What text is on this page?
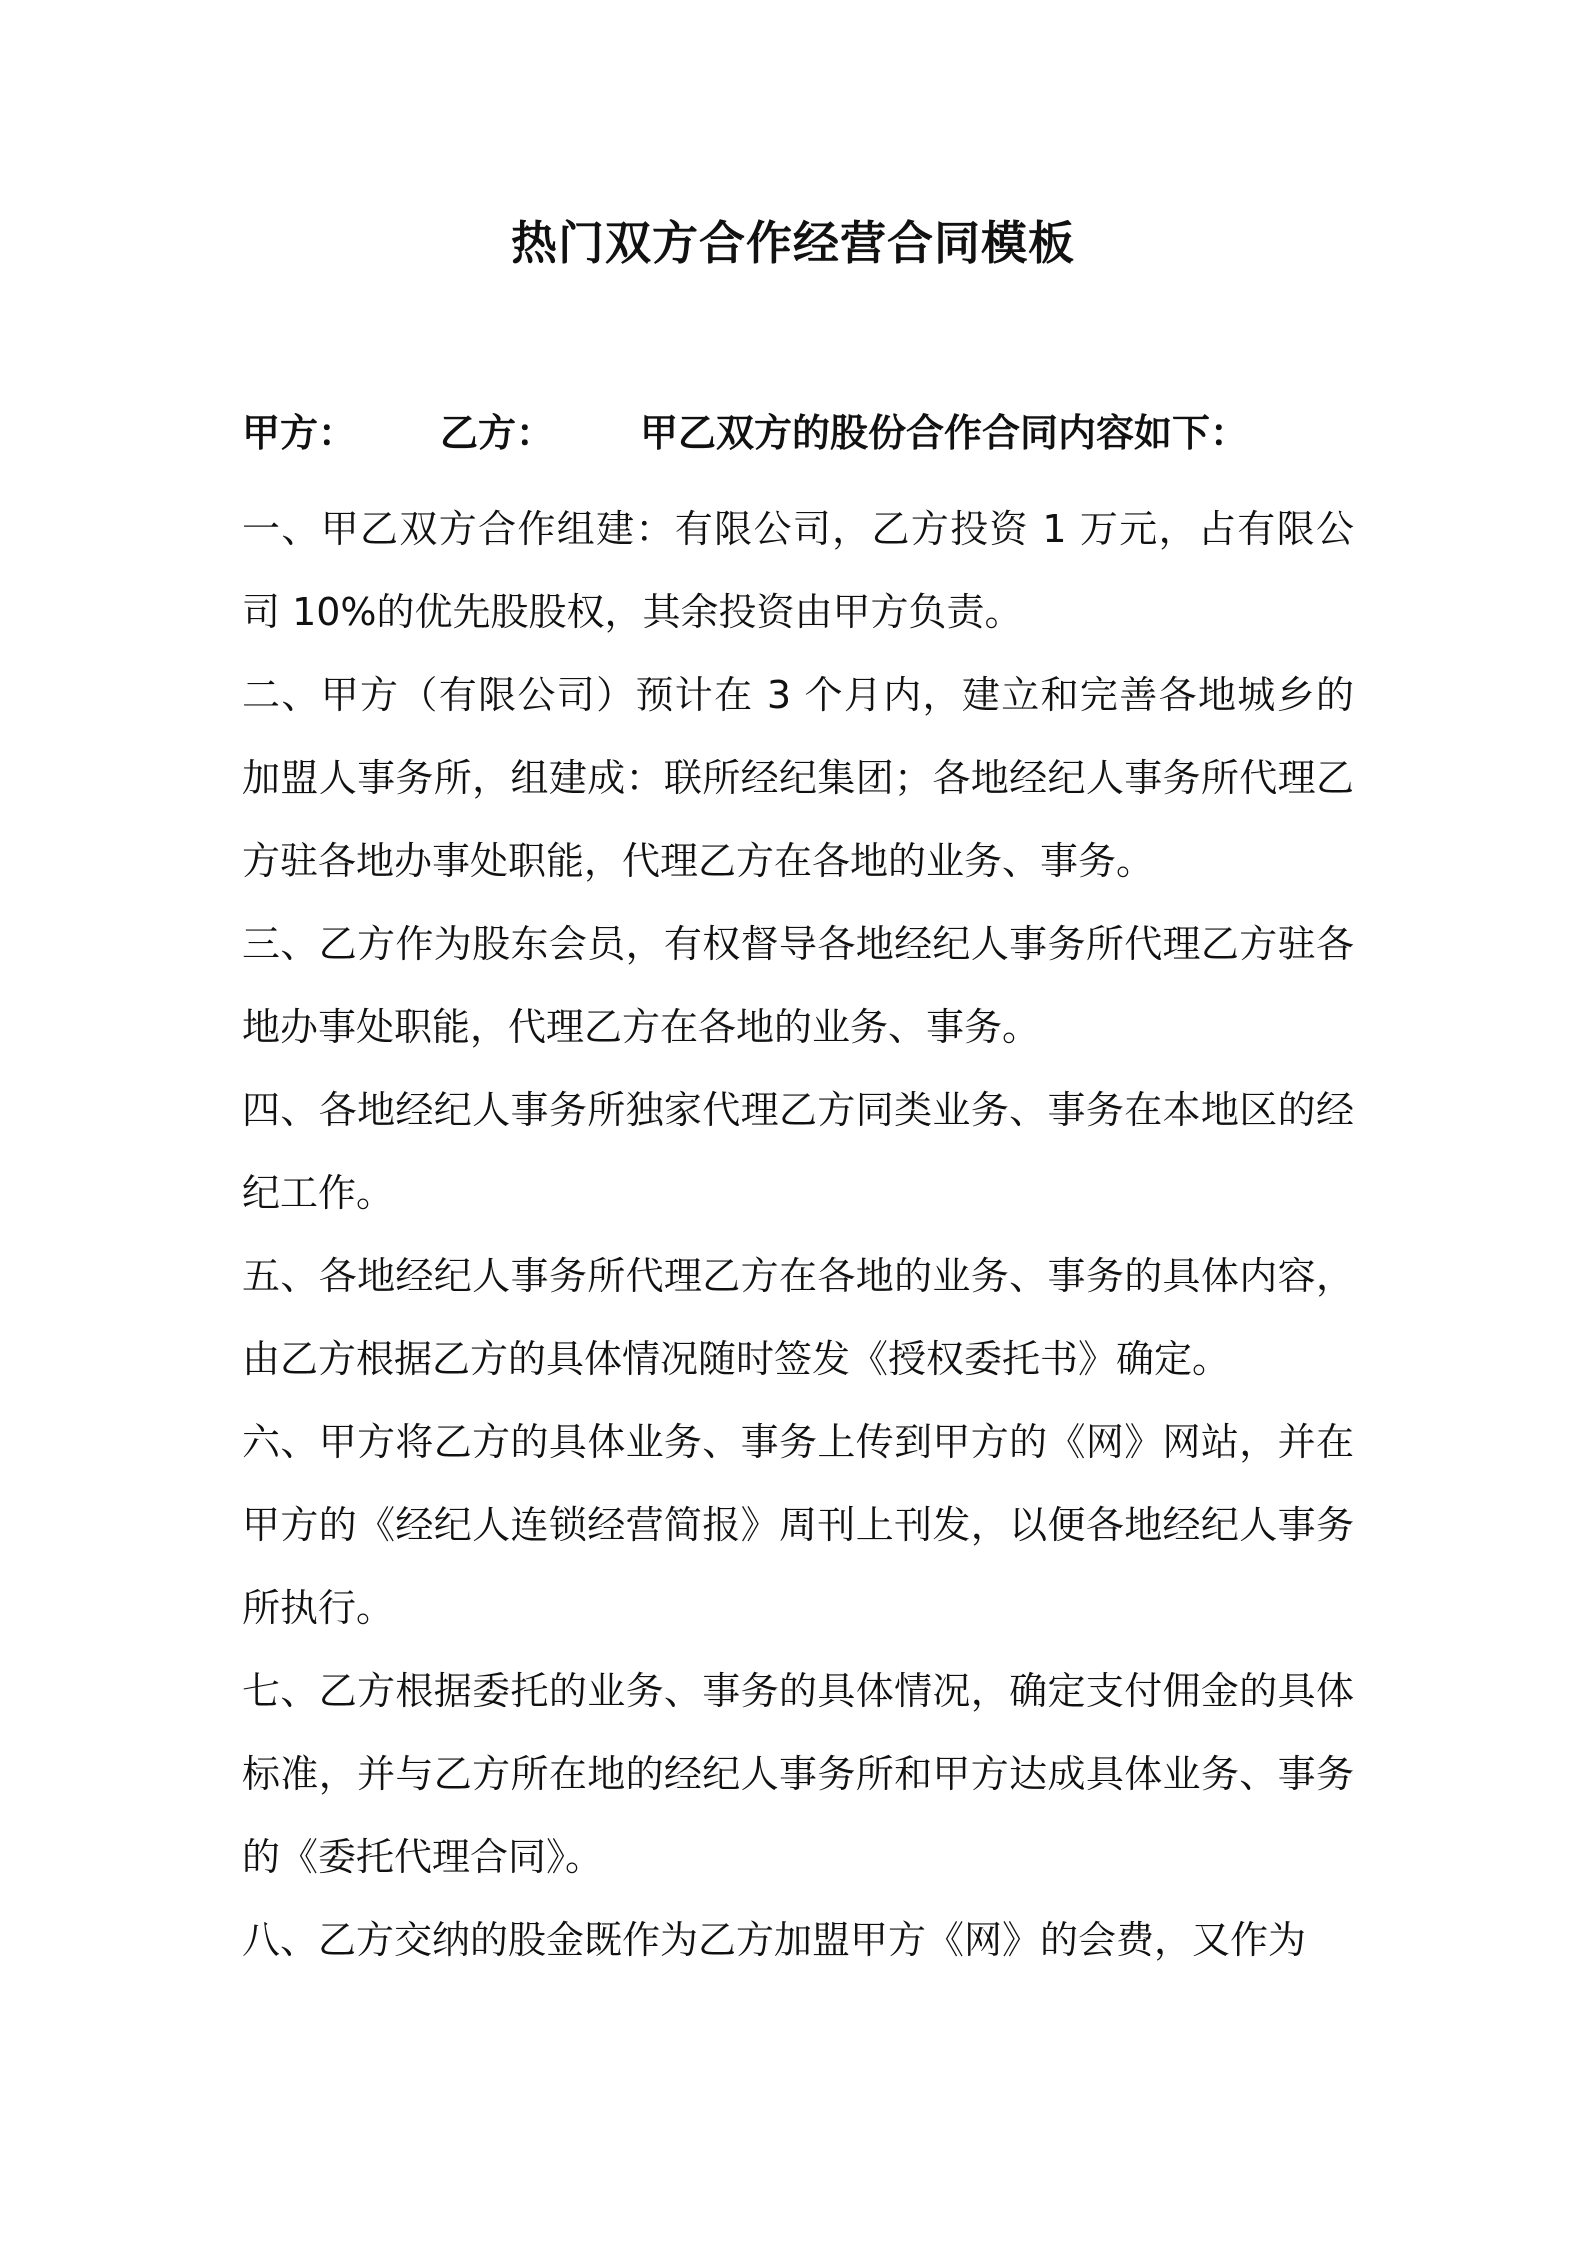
热门双方合作经营合同模板
甲方： 乙方： 甲乙双方的股份合作合同内容如下：

一、甲乙双方合作组建：有限公司，乙方投资 1 万元，占有限公司 10%的优先股股权，其余投资由甲方负责。

二、甲方（有限公司）预计在 3 个月内，建立和完善各地城乡的加盟人事务所，组建成：联所经纪集团；各地经纪人事务所代理乙方驻各地办事处职能，代理乙方在各地的业务、事务。

三、乙方作为股东会员，有权督导各地经纪人事务所代理乙方驻各地办事处职能，代理乙方在各地的业务、事务。

四、各地经纪人事务所独家代理乙方同类业务、事务在本地区的经纪工作。

五、各地经纪人事务所代理乙方在各地的业务、事务的具体内容，由乙方根据乙方的具体情况随时签发《授权委托书》确定。

六、甲方将乙方的具体业务、事务上传到甲方的《网》网站，并在甲方的《经纪人连锁经营简报》周刊上刊发，以便各地经纪人事务所执行。

七、乙方根据委托的业务、事务的具体情况，确定支付佣金的具体标准，并与乙方所在地的经纪人事务所和甲方达成具体业务、事务的《委托代理合同》。

八、乙方交纳的股金既作为乙方加盟甲方《网》的会费，又作为
